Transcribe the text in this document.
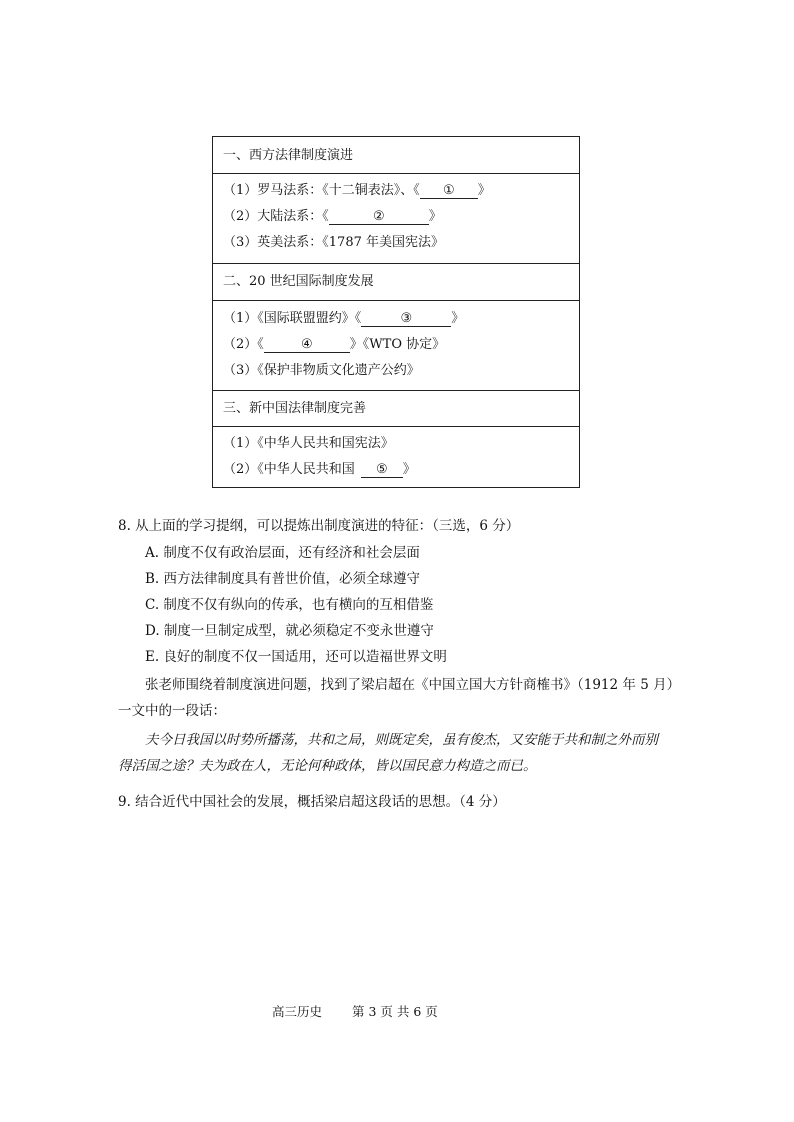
一、西方法律制度演进
（1）罗马法系：《十二铜表法》、《 ① 》
（2）大陆法系：《	②	》
（3）英美法系：《1787 年美国宪法》
二、20 世纪国际制度发展
（1）《国际联盟盟约》《	③	》
（2）《	④	》《WTO 协定》
（3）《保护非物质文化遗产公约》
三、新中国法律制度完善
（1）《中华人民共和国宪法》
（2）《中华人民共和国 ⑤ 》
8. 从上面的学习提纲，可以提炼出制度演进的特征：（三选，6 分）
A. 制度不仅有政治层面，还有经济和社会层面
B. 西方法律制度具有普世价值，必须全球遵守
C. 制度不仅有纵向的传承，也有横向的互相借鉴
D. 制度一旦制定成型，就必须稳定不变永世遵守
E. 良好的制度不仅一国适用，还可以造福世界文明
张老师围绕着制度演进问题，找到了梁启超在《中国立国大方针商榷书》（1912 年 5 月）
一文中的一段话：
夫今日我国以时势所播荡，共和之局，则既定矣，虽有俊杰，又安能于共和制之外而别
得活国之途？夫为政在人，无论何种政体，皆以国民意力构造之而已。
9. 结合近代中国社会的发展，概括梁启超这段话的思想。（4 分）
高三历史 第 3 页 共 6 页
